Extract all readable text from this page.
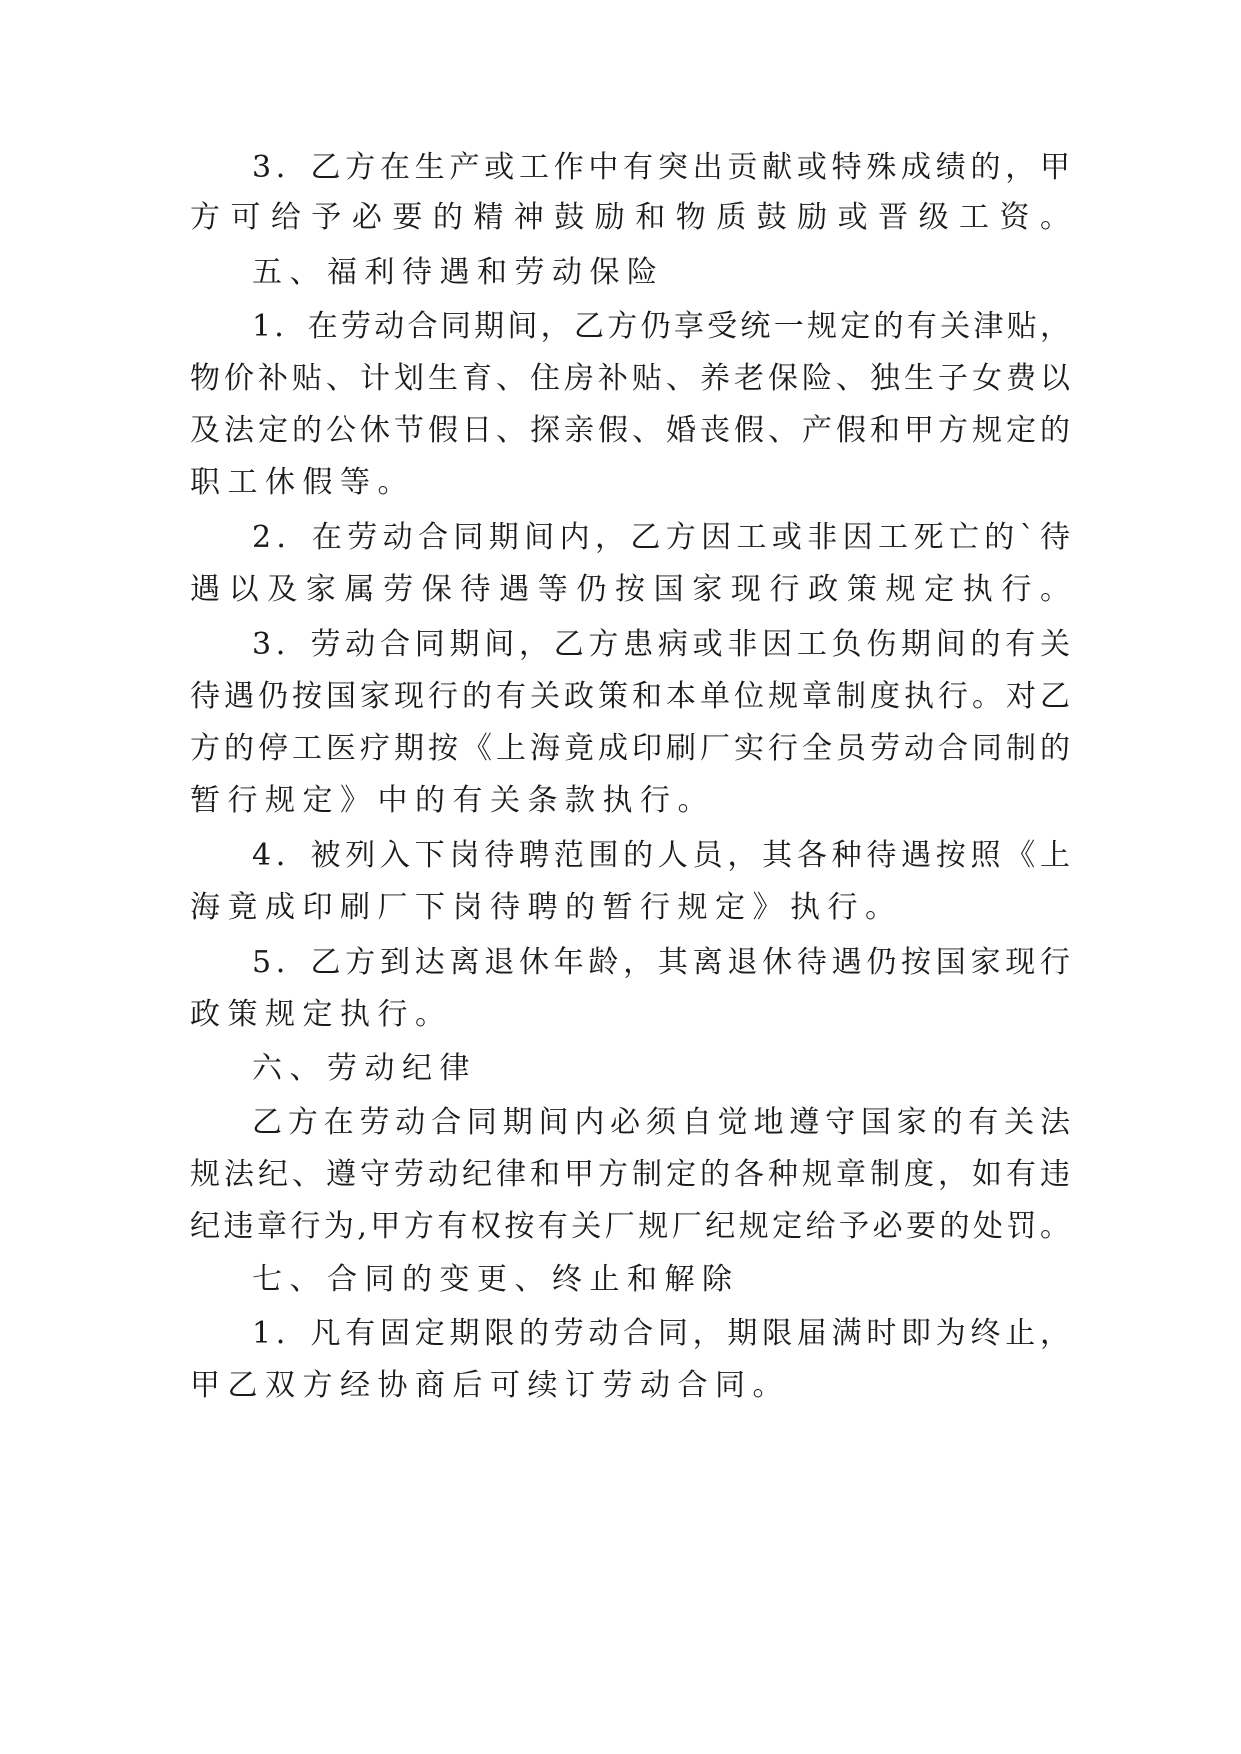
3．乙方在生产或工作中有突出贡献或特殊成绩的，甲
方可给予必要的精神鼓励和物质鼓励或晋级工资。
五、福利待遇和劳动保险
1．在劳动合同期间，乙方仍享受统一规定的有关津贴，
物价补贴、计划生育、住房补贴、养老保险、独生子女费以
及法定的公休节假日、探亲假、婚丧假、产假和甲方规定的
职工休假等。
2．在劳动合同期间内，乙方因工或非因工死亡的`待
遇以及家属劳保待遇等仍按国家现行政策规定执行。
3．劳动合同期间，乙方患病或非因工负伤期间的有关
待遇仍按国家现行的有关政策和本单位规章制度执行。对乙
方的停工医疗期按《上海竟成印刷厂实行全员劳动合同制的
暂行规定》中的有关条款执行。
4．被列入下岗待聘范围的人员，其各种待遇按照《上
海竟成印刷厂下岗待聘的暂行规定》执行。
5．乙方到达离退休年龄，其离退休待遇仍按国家现行
政策规定执行。
六、劳动纪律
乙方在劳动合同期间内必须自觉地遵守国家的有关法
规法纪、遵守劳动纪律和甲方制定的各种规章制度，如有违
纪违章行为,甲方有权按有关厂规厂纪规定给予必要的处罚。
七、合同的变更、终止和解除
1．凡有固定期限的劳动合同，期限届满时即为终止，
甲乙双方经协商后可续订劳动合同。
